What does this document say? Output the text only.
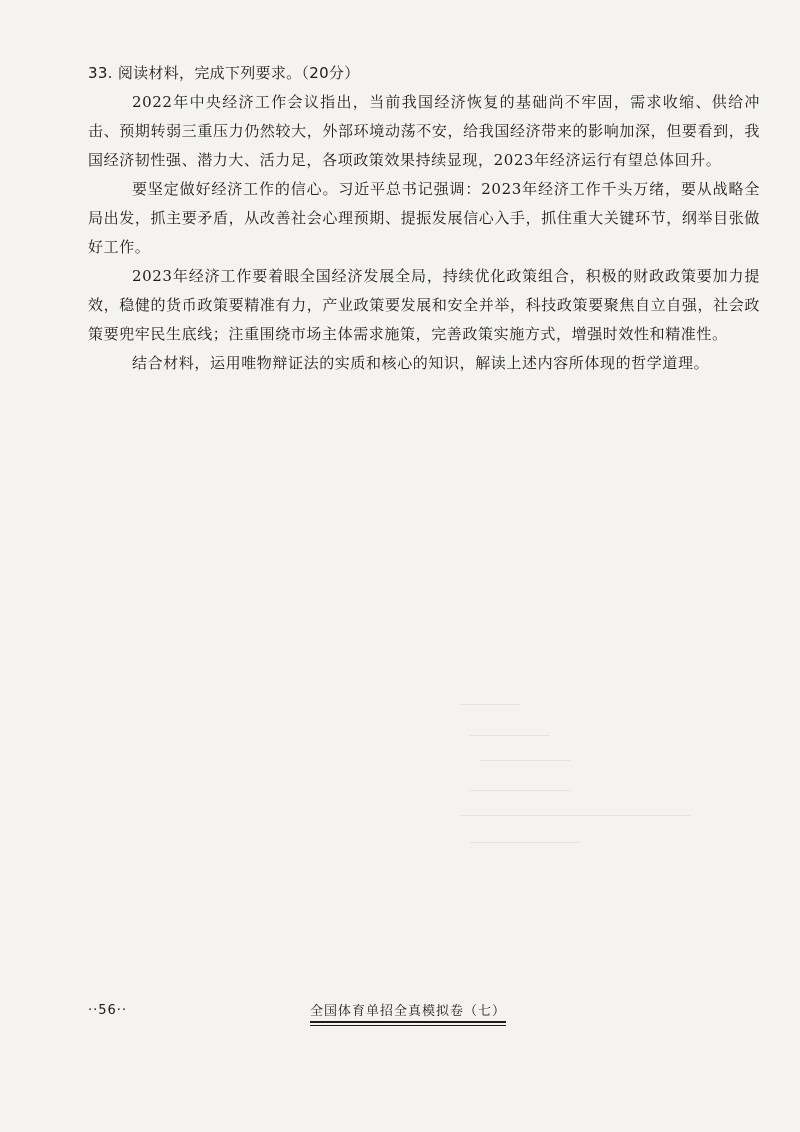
33. 阅读材料，完成下列要求。（20分）

2022年中央经济工作会议指出，当前我国经济恢复的基础尚不牢固，需求收缩、供给冲击、预期转弱三重压力仍然较大，外部环境动荡不安，给我国经济带来的影响加深，但要看到，我国经济韧性强、潜力大、活力足，各项政策效果持续显现，2023年经济运行有望总体回升。

要坚定做好经济工作的信心。习近平总书记强调：2023年经济工作千头万绪，要从战略全局出发，抓主要矛盾，从改善社会心理预期、提振发展信心入手，抓住重大关键环节，纲举目张做好工作。

2023年经济工作要着眼全国经济发展全局，持续优化政策组合，积极的财政政策要加力提效，稳健的货币政策要精准有力，产业政策要发展和安全并举，科技政策要聚焦自立自强，社会政策要兜牢民生底线；注重围绕市场主体需求施策，完善政策实施方式，增强时效性和精准性。

结合材料，运用唯物辩证法的实质和核心的知识，解读上述内容所体现的哲学道理。

··56··	全国体育单招全真模拟卷（七）
